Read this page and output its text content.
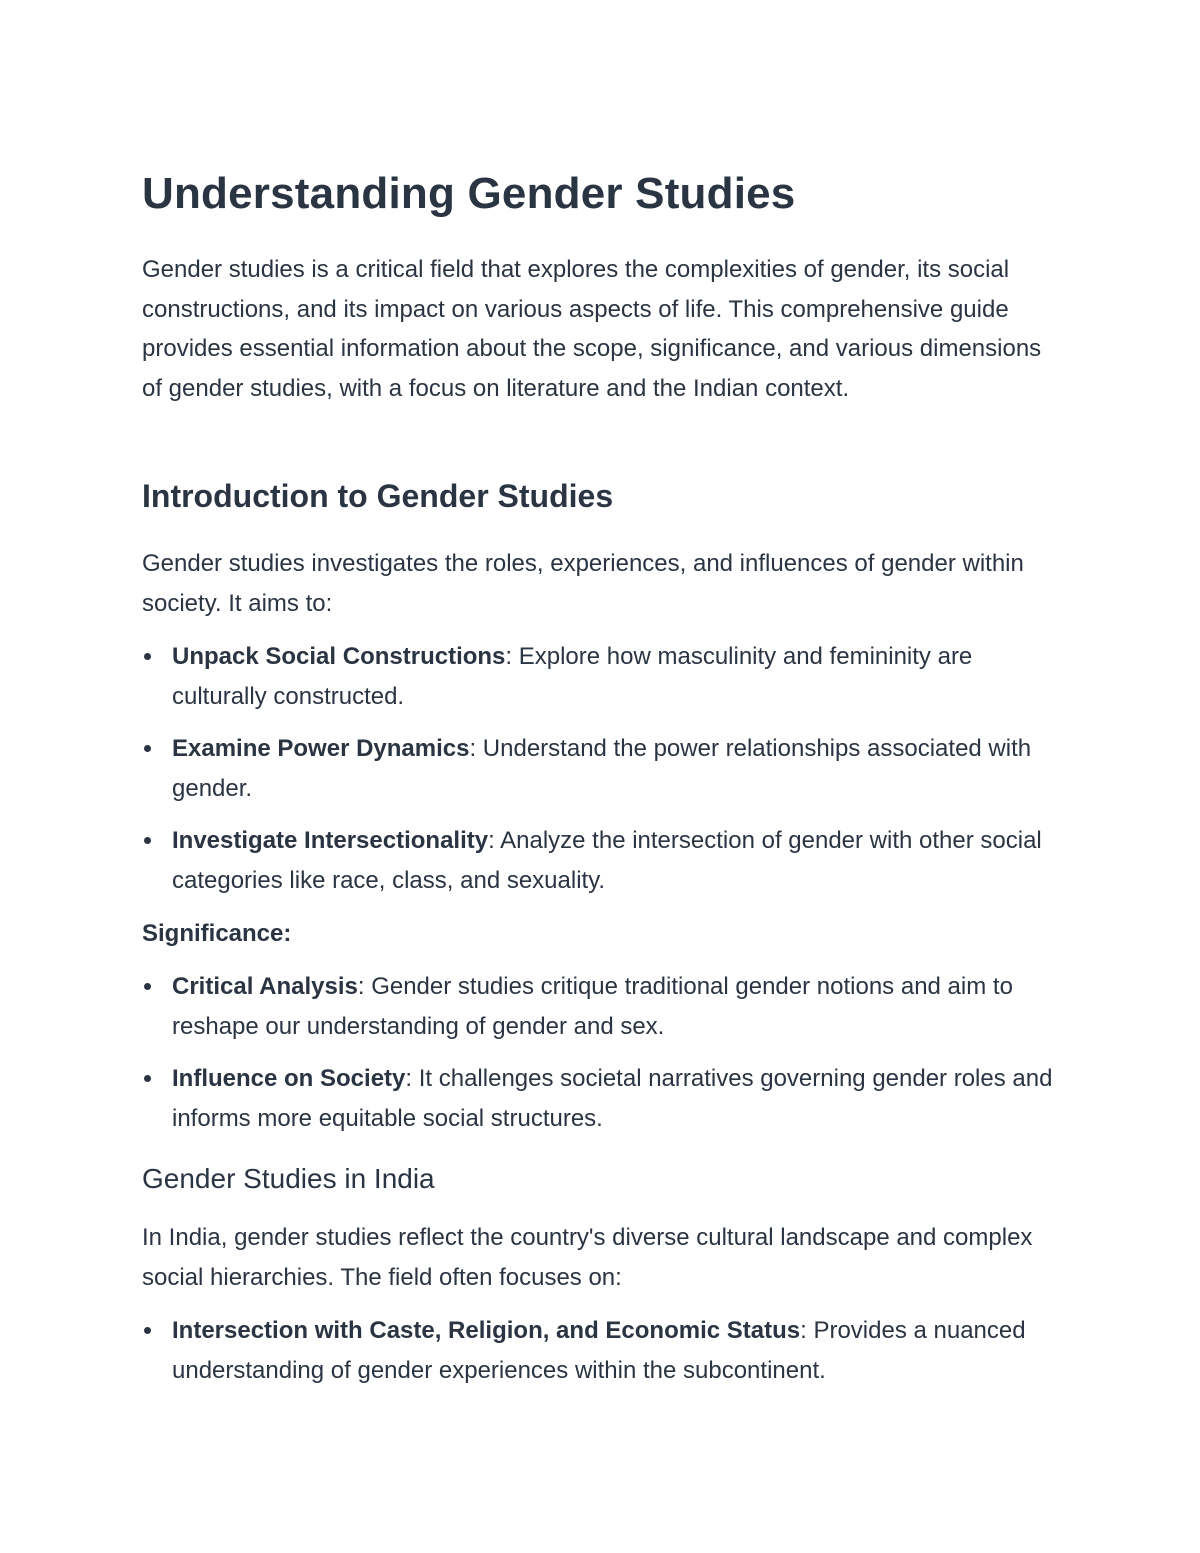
Understanding Gender Studies

Gender studies is a critical field that explores the complexities of gender, its social constructions, and its impact on various aspects of life. This comprehensive guide provides essential information about the scope, significance, and various dimensions of gender studies, with a focus on literature and the Indian context.

Introduction to Gender Studies

Gender studies investigates the roles, experiences, and influences of gender within society. It aims to:

Unpack Social Constructions: Explore how masculinity and femininity are culturally constructed.
Examine Power Dynamics: Understand the power relationships associated with gender.
Investigate Intersectionality: Analyze the intersection of gender with other social categories like race, class, and sexuality.

Significance:

Critical Analysis: Gender studies critique traditional gender notions and aim to reshape our understanding of gender and sex.
Influence on Society: It challenges societal narratives governing gender roles and informs more equitable social structures.
Gender Studies in India

In India, gender studies reflect the country's diverse cultural landscape and complex social hierarchies. The field often focuses on:

Intersection with Caste, Religion, and Economic Status: Provides a nuanced understanding of gender experiences within the subcontinent.
